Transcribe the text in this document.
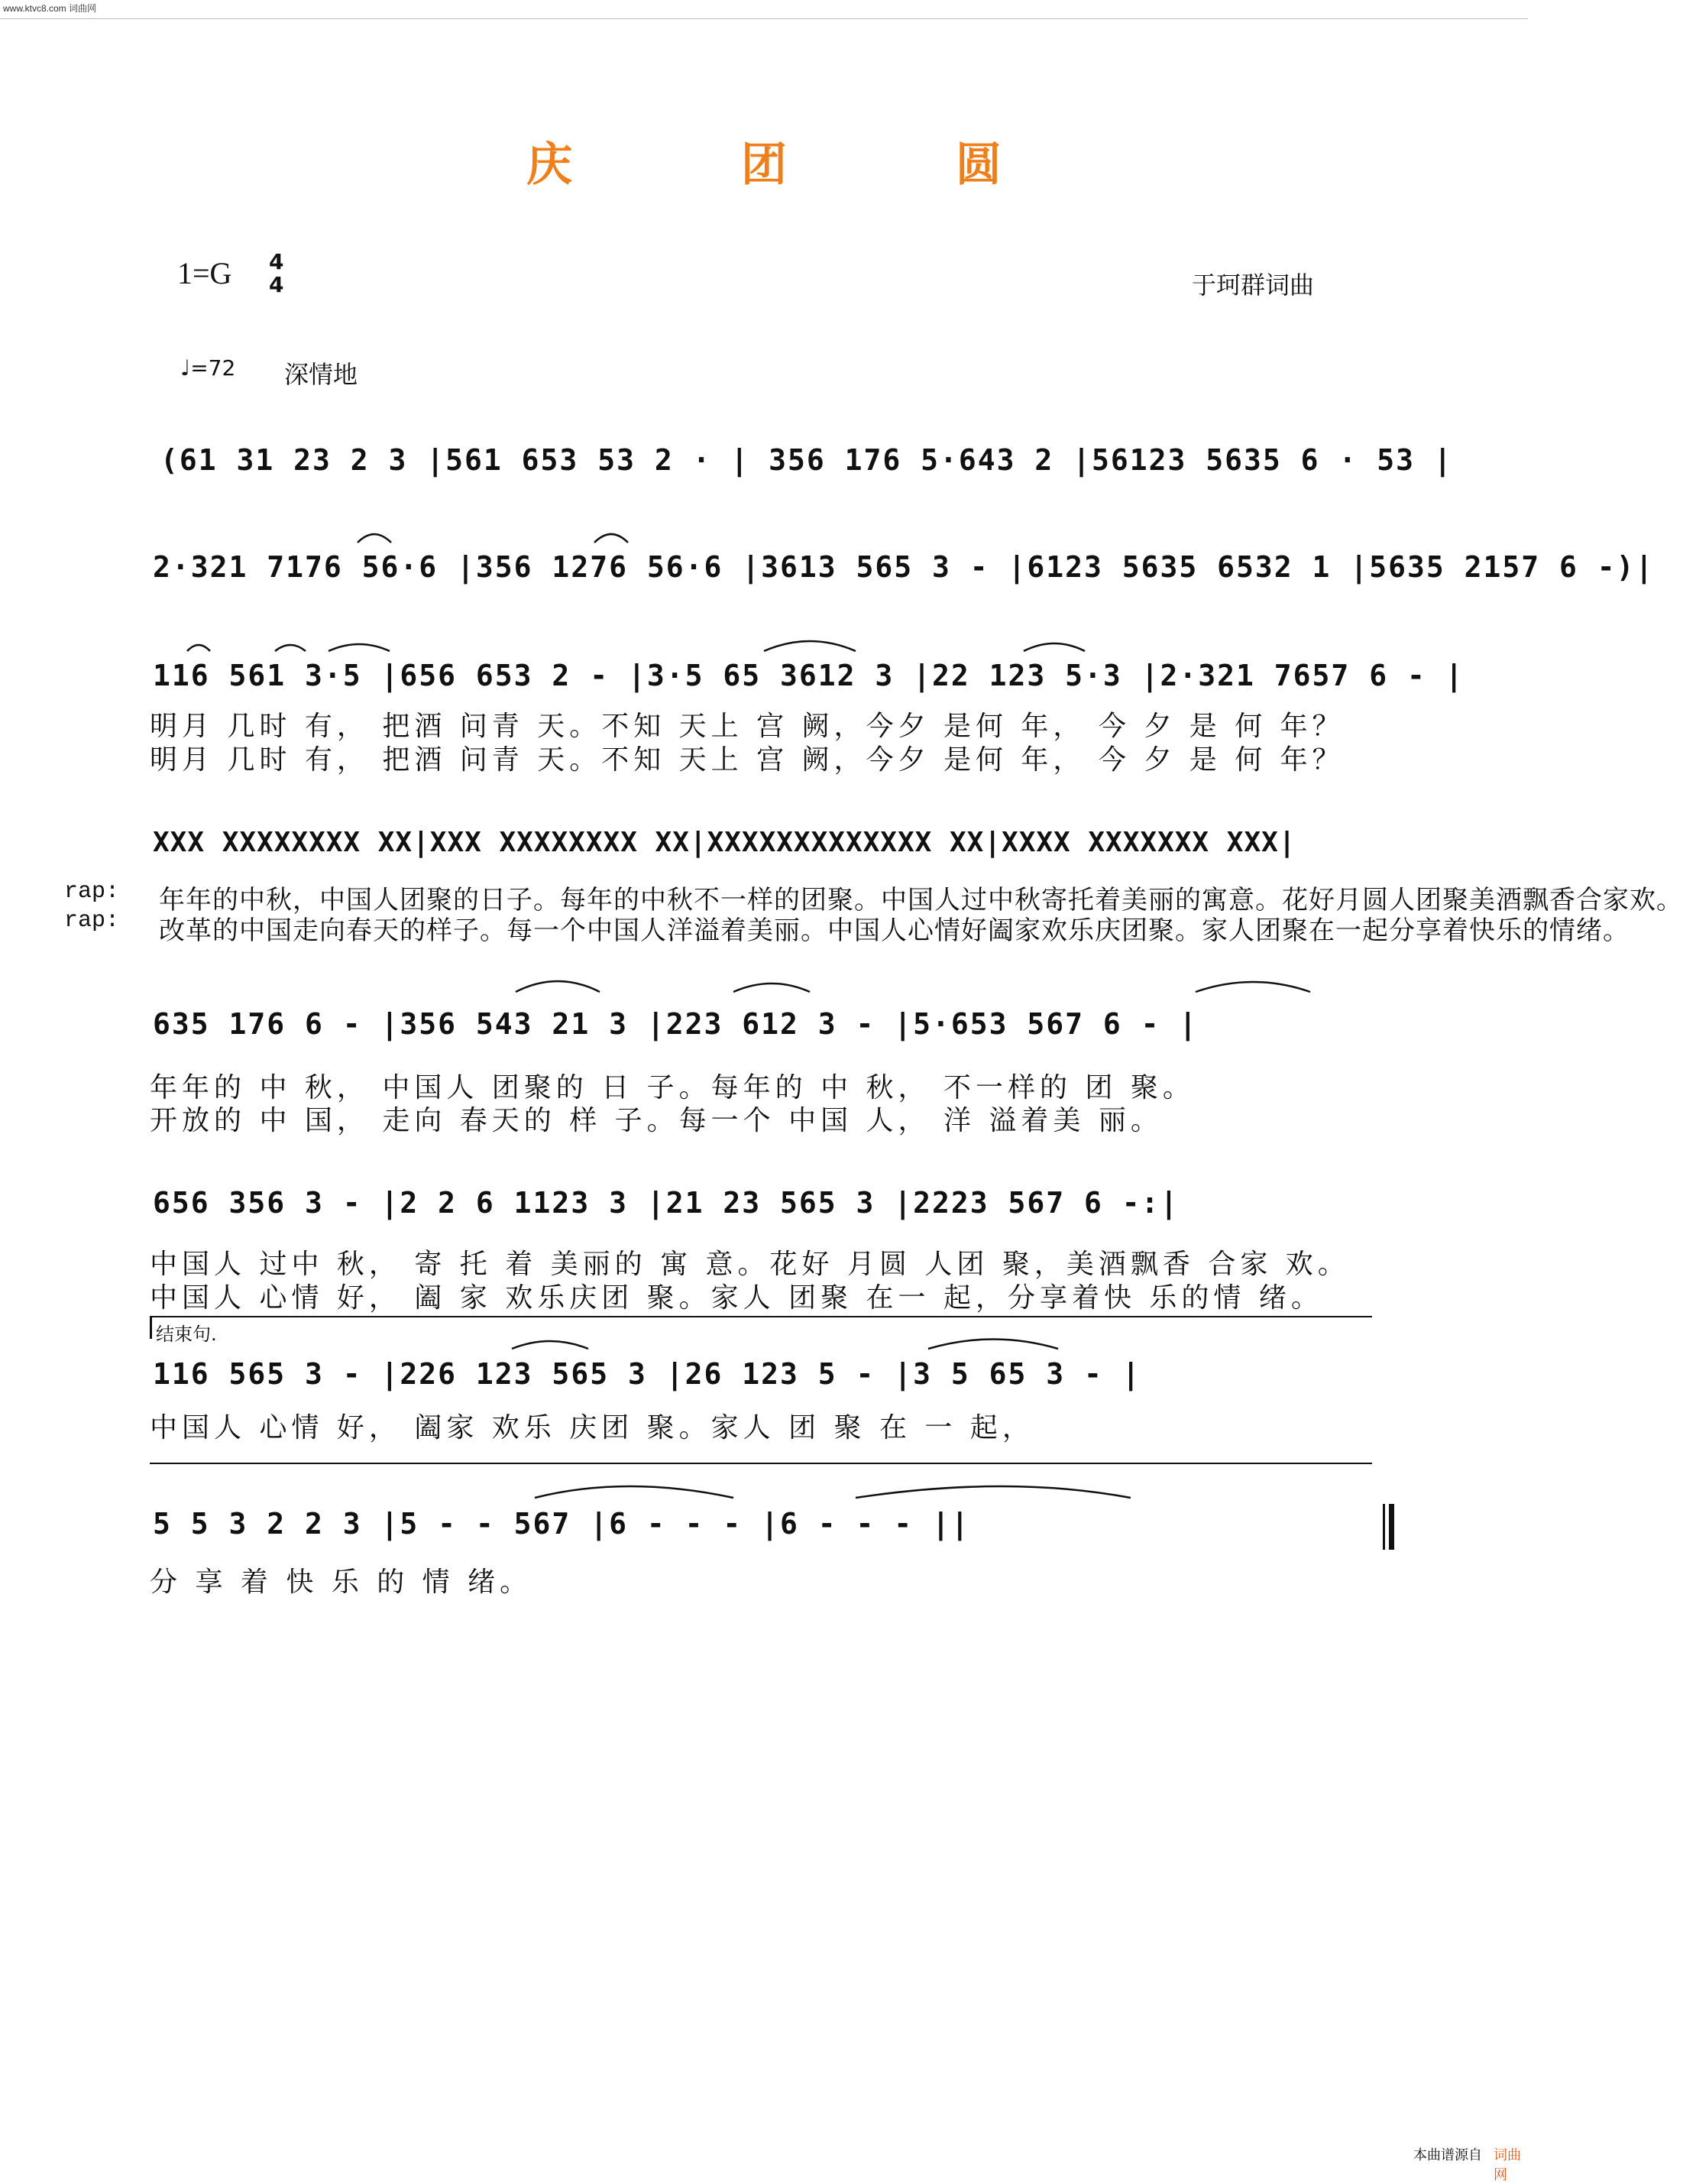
www.ktvc8.com 词曲网
庆 团 圆
1=G 4
4	于珂群词曲
♩=72 深情地
(61 31 23 2 3 |561 653 53 2 · | 356 176 5·643 2 |56123 5635 6 · 53 |
2·321 7176 56·6 |356 1276 56·6 |3613 565 3 - |6123 5635 6532 1 |5635 2157 6 -)|
116 561 3·5 |656 653 2 - |3·5 65 3612 3 |22 123 5·3 |2·321 7657 6 - |
明月 几时 有， 把酒 问青 天。不知 天上 宫 阙，今夕 是何 年， 今 夕 是 何 年？
明月 几时 有， 把酒 问青 天。不知 天上 宫 阙，今夕 是何 年， 今 夕 是 何 年？
XXX XXXXXXXX XX|XXX XXXXXXXX XX|XXXXXXXXXXXXX XX|XXXX XXXXXXX XXX|
rap:
rap:
年年的中秋，中国人团聚的日子。每年的中秋不一样的团聚。中国人过中秋寄托着美丽的寓意。花好月圆人团聚美酒飘香合家欢。
改革的中国走向春天的样子。每一个中国人洋溢着美丽。中国人心情好阖家欢乐庆团聚。家人团聚在一起分享着快乐的情绪。
635 176 6 - |356 543 21 3 |223 612 3 - |5·653 567 6 - |
年年的 中 秋， 中国人 团聚的 日 子。每年的 中 秋， 不一样的 团 聚。
开放的 中 国， 走向 春天的 样 子。每一个 中国 人， 洋 溢着美 丽。
656 356 3 - |2 2 6 1123 3 |21 23 565 3 |2223 567 6 -:|
中国人 过中 秋， 寄 托 着 美丽的 寓 意。花好 月圆 人团 聚，美酒飘香 合家 欢。
中国人 心情 好， 阖 家 欢乐庆团 聚。家人 团聚 在一 起，分享着快 乐的情 绪。
结束句.
116 565 3 - |226 123 565 3 |26 123 5 - |3 5 65 3 - |
中国人 心情 好， 阖家 欢乐 庆团 聚。家人 团 聚 在 一 起，
5 5 3 2 2 3 |5 - - 567 |6 - - - |6 - - - ||
分 享 着 快 乐 的 情 绪。
本曲谱源自 词曲网
